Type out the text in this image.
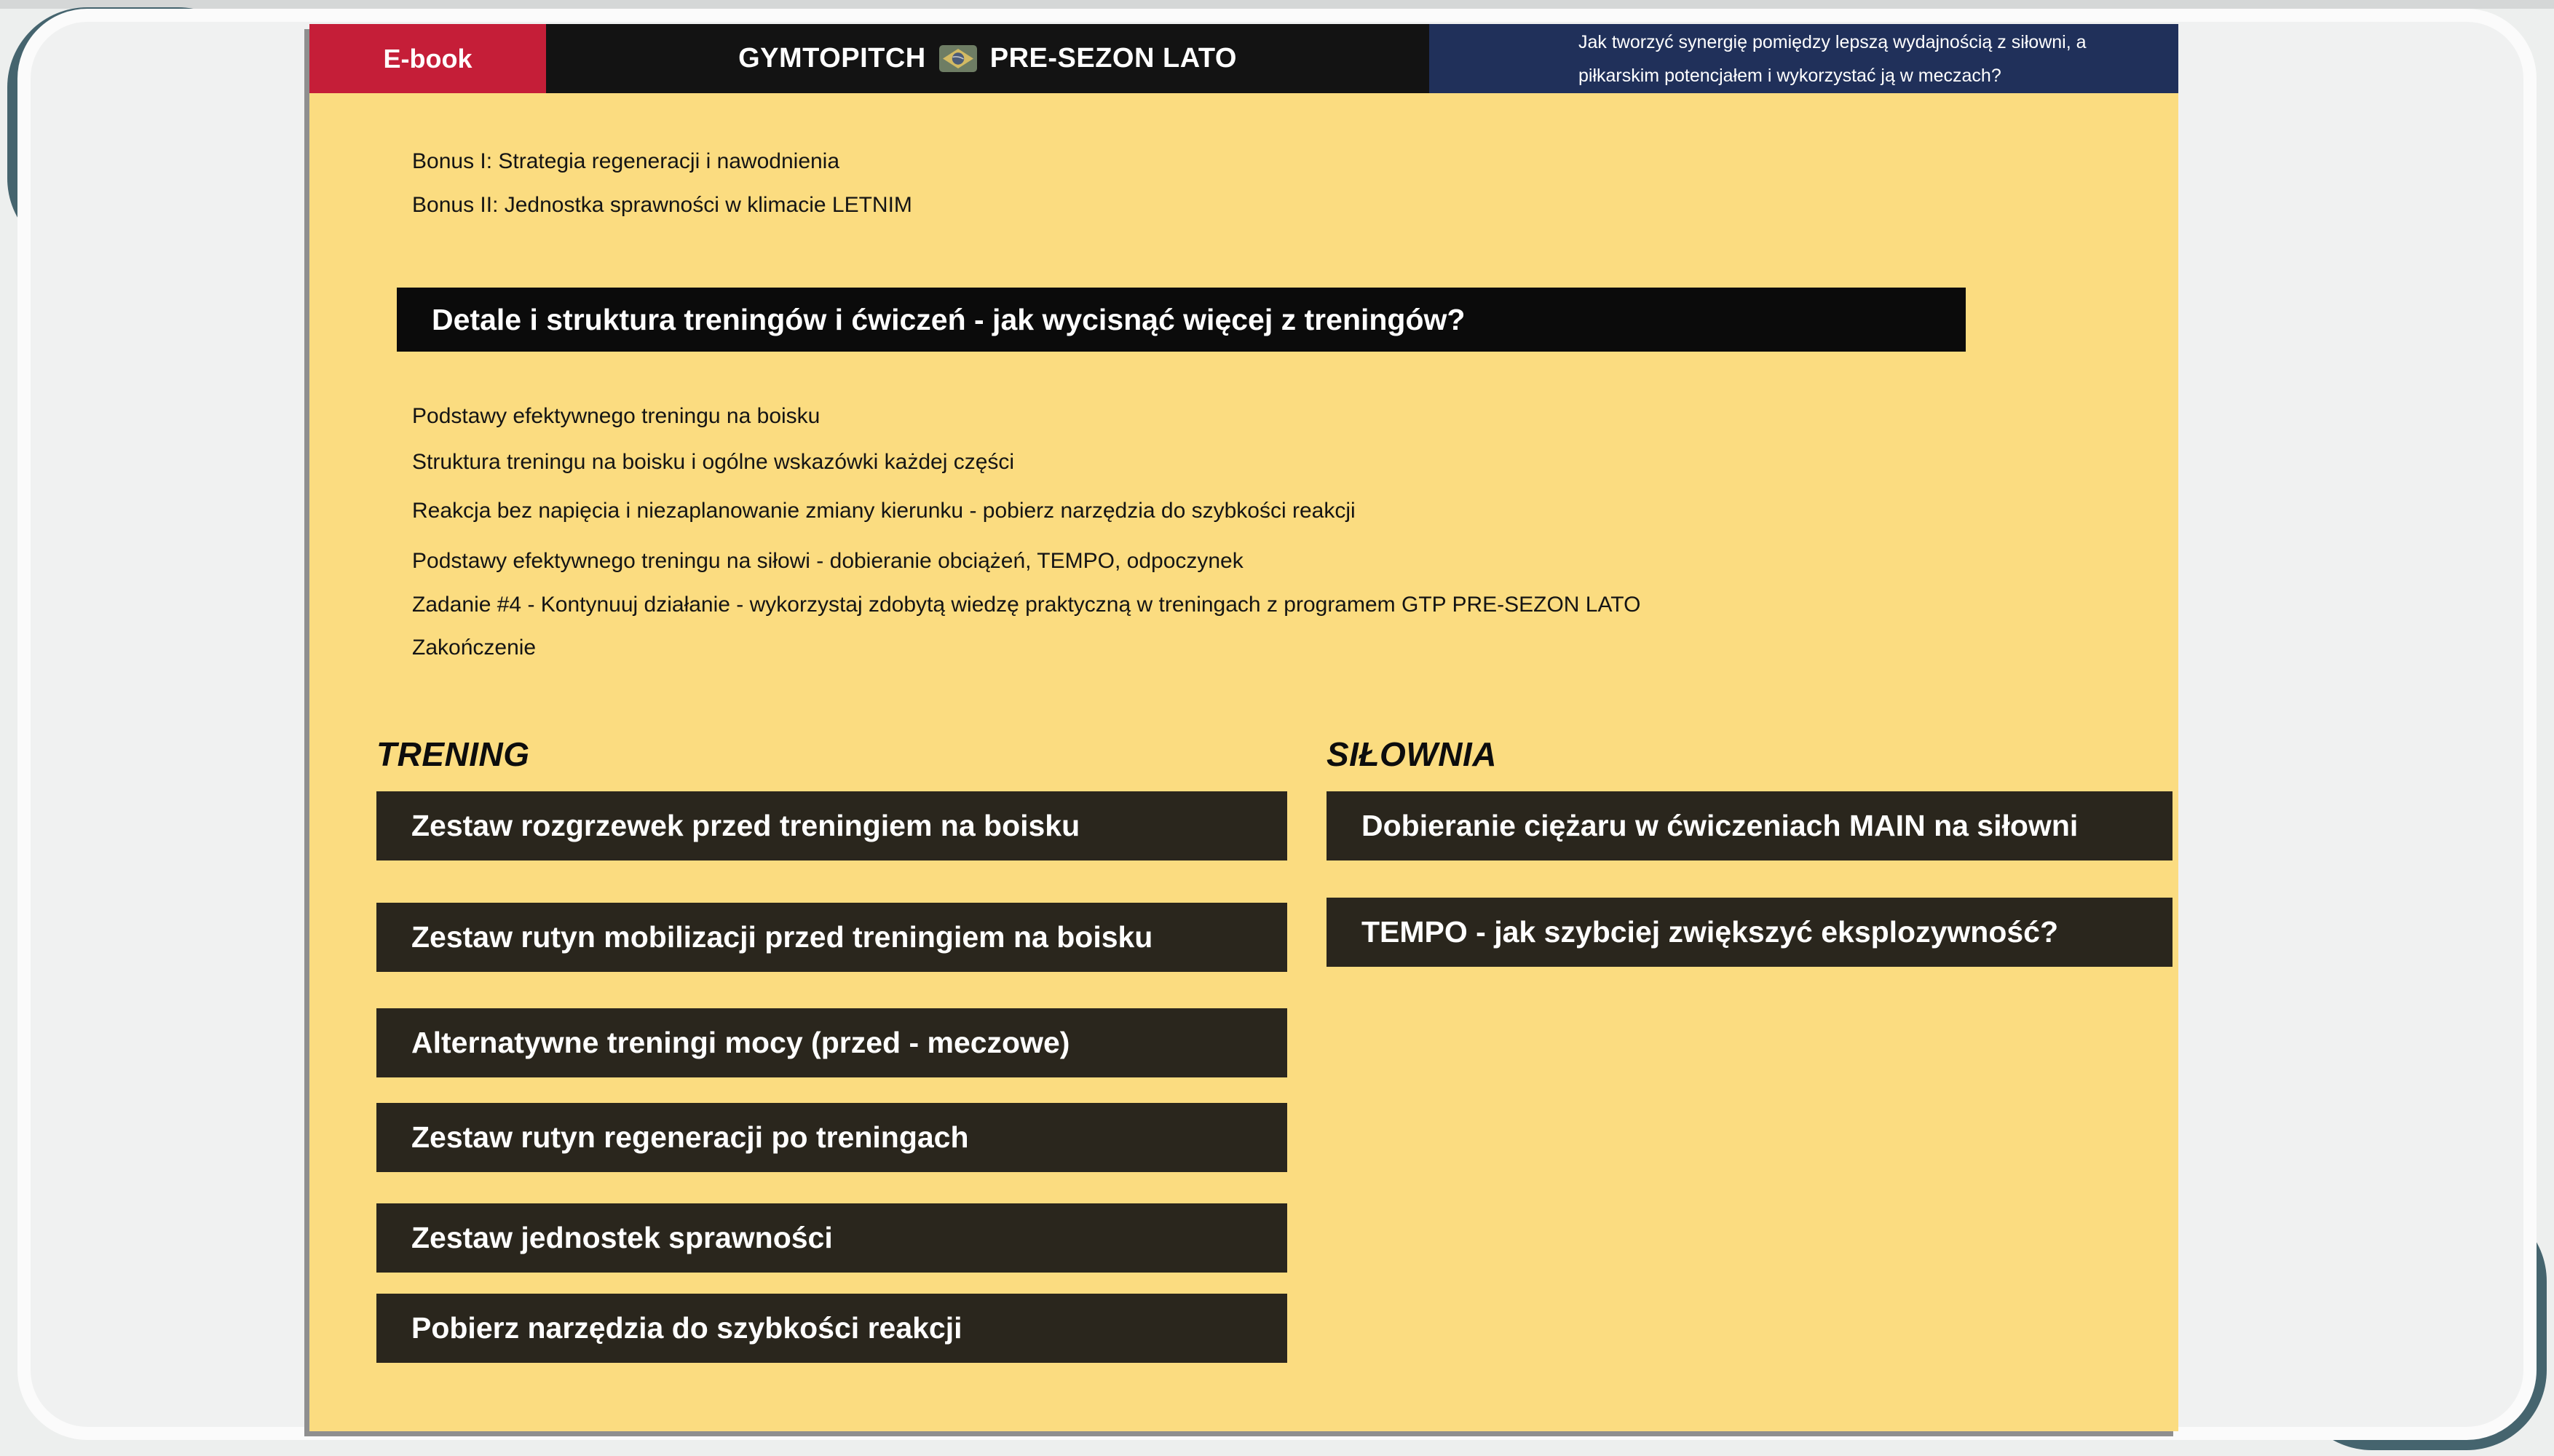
E-book	GYMTOPITCH PRE-SEZON LATO
Jak tworzyć synergię pomiędzy lepszą wydajnością z siłowni, a
piłkarskim potencjałem i wykorzystać ją w meczach?
Bonus I: Strategia regeneracji i nawodnienia
Bonus II: Jednostka sprawności w klimacie LETNIM
Detale i struktura treningów i ćwiczeń - jak wycisnąć więcej z treningów?
Podstawy efektywnego treningu na boisku
Struktura treningu na boisku i ogólne wskazówki każdej części
Reakcja bez napięcia i niezaplanowanie zmiany kierunku - pobierz narzędzia do szybkości reakcji
Podstawy efektywnego treningu na siłowi - dobieranie obciążeń, TEMPO, odpoczynek
Zadanie #4 - Kontynuuj działanie - wykorzystaj zdobytą wiedzę praktyczną w treningach z programem GTP PRE-SEZON LATO
Zakończenie
TRENING	SIŁOWNIA
Zestaw rozgrzewek przed treningiem na boisku
Zestaw rutyn mobilizacji przed treningiem na boisku
Alternatywne treningi mocy (przed - meczowe)
Zestaw rutyn regeneracji po treningach
Zestaw jednostek sprawności
Pobierz narzędzia do szybkości reakcji
Dobieranie ciężaru w ćwiczeniach MAIN na siłowni
TEMPO - jak szybciej zwiększyć eksplozywność?
